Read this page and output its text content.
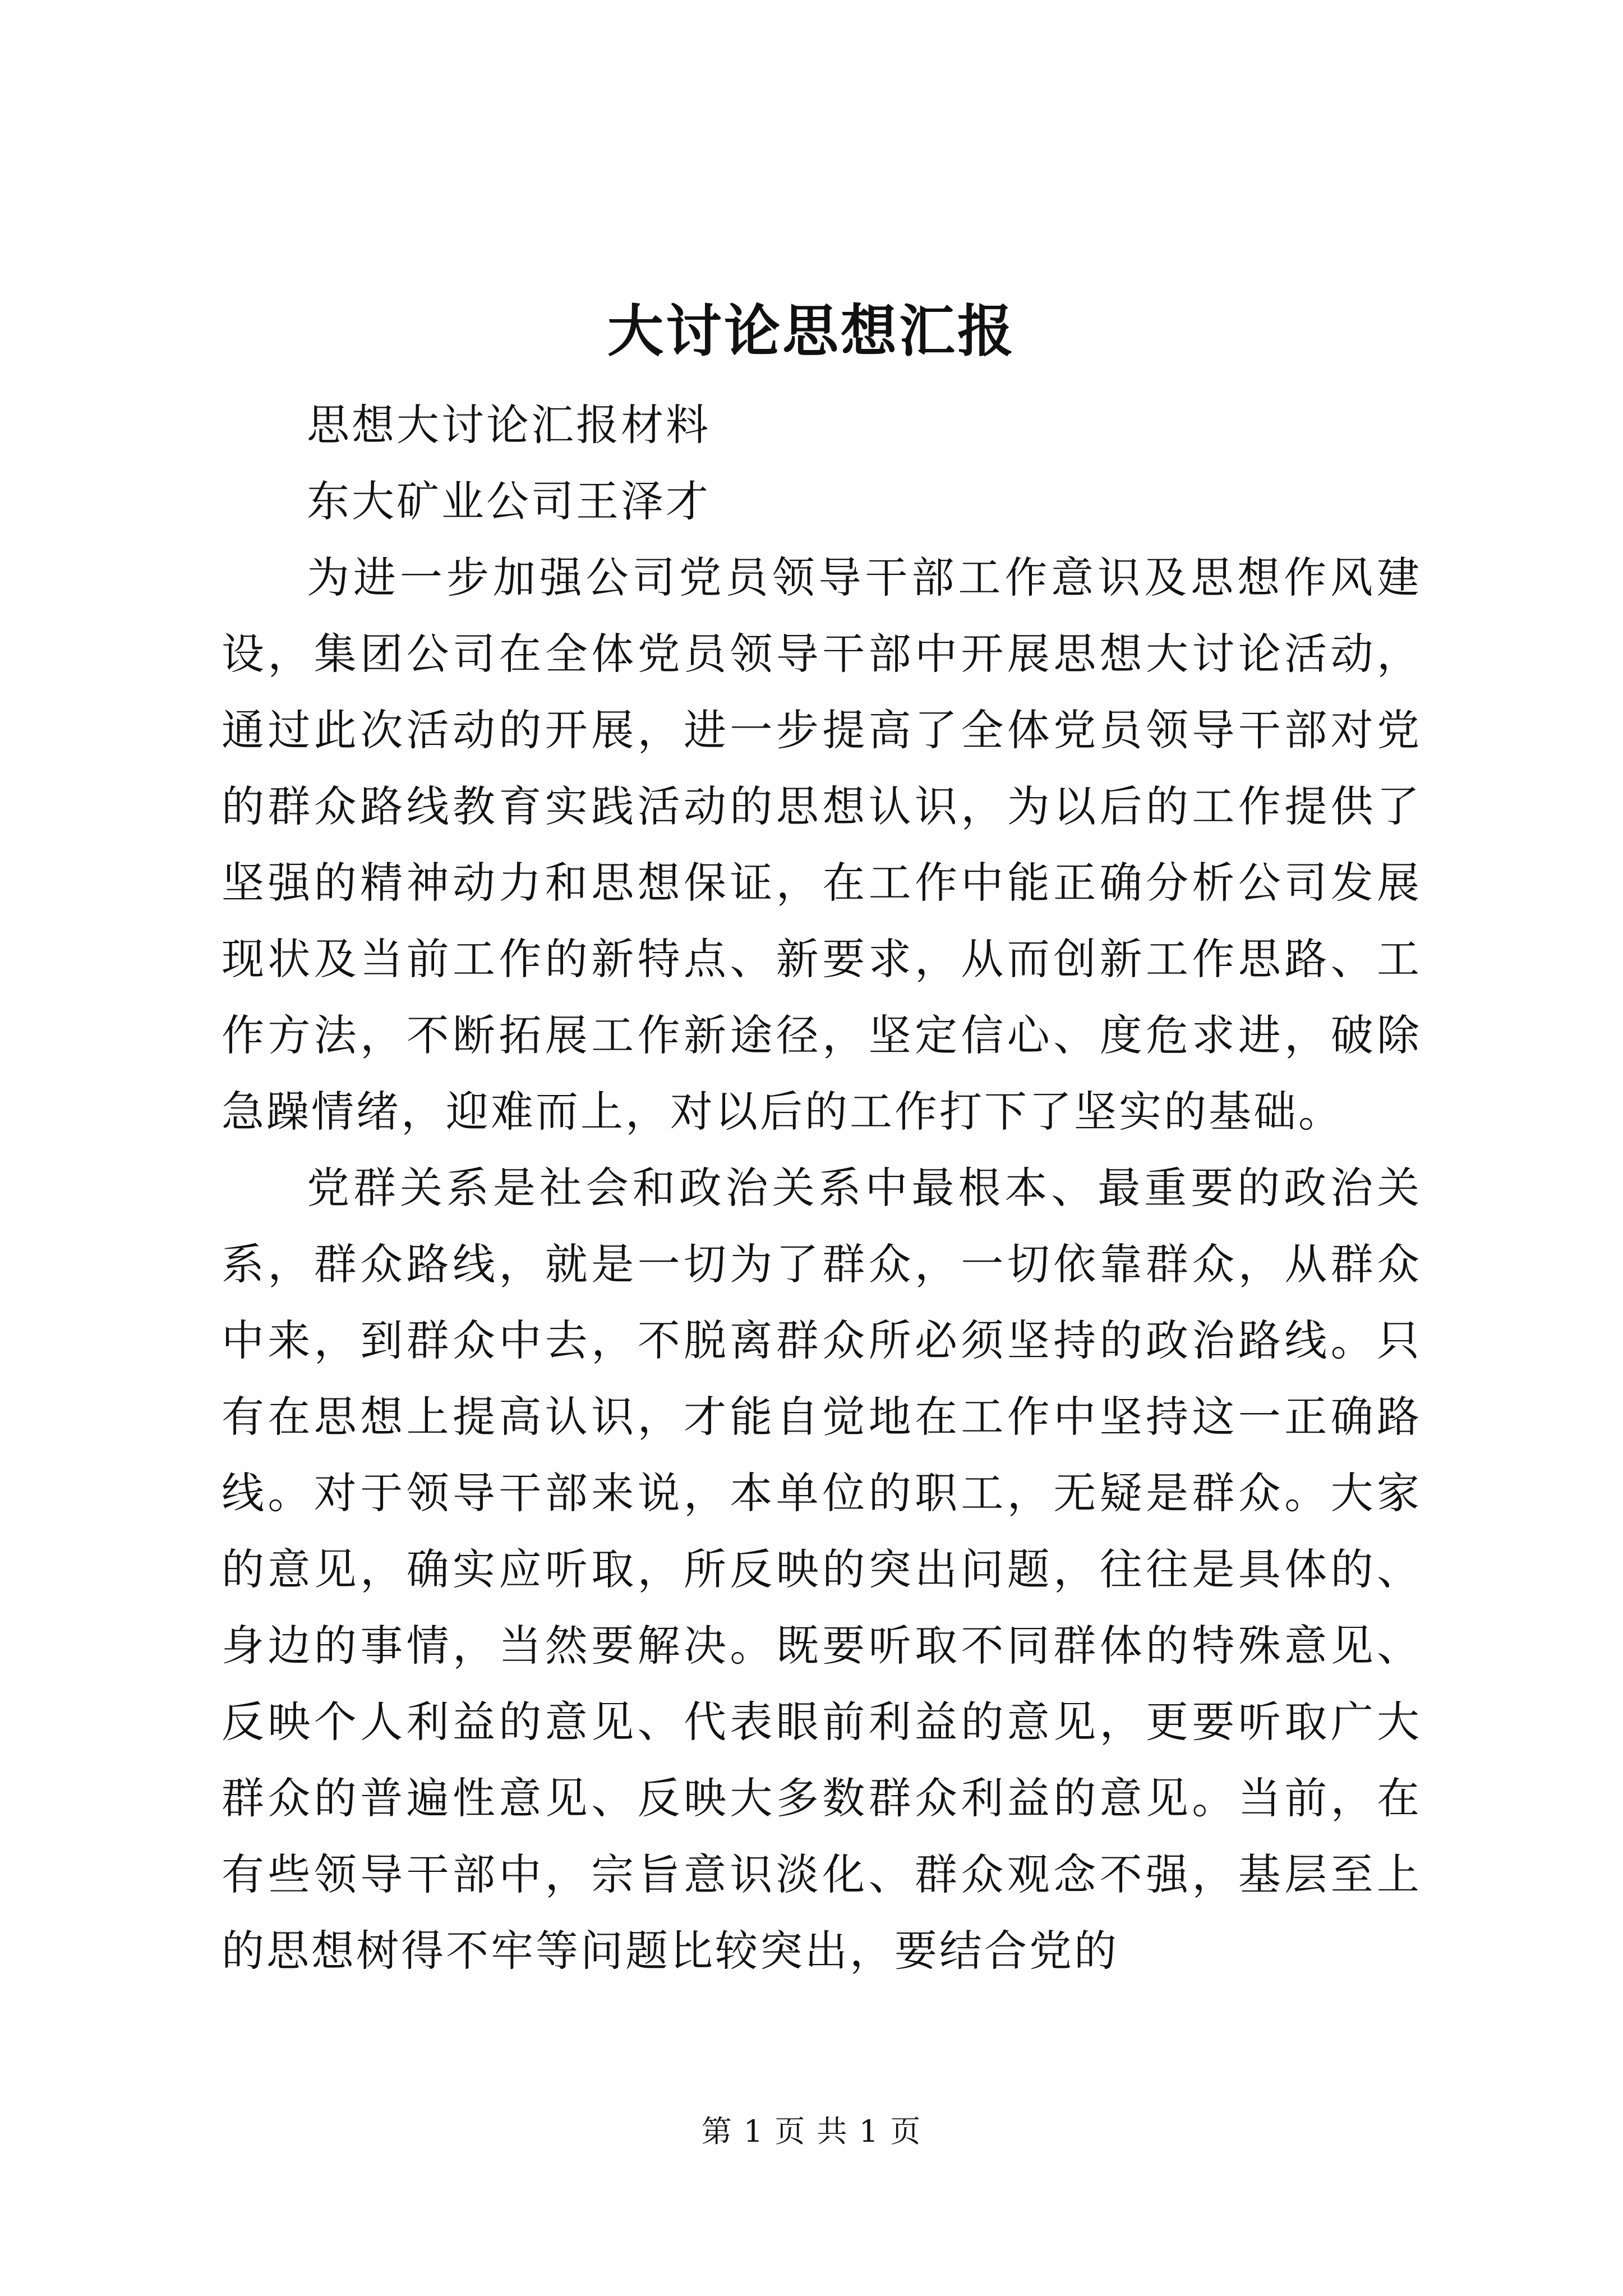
大讨论思想汇报

思想大讨论汇报材料

东大矿业公司王泽才

为进一步加强公司党员领导干部工作意识及思想作风建设，集团公司在全体党员领导干部中开展思想大讨论活动，通过此次活动的开展，进一步提高了全体党员领导干部对党的群众路线教育实践活动的思想认识，为以后的工作提供了坚强的精神动力和思想保证，在工作中能正确分析公司发展现状及当前工作的新特点、新要求，从而创新工作思路、工作方法，不断拓展工作新途径，坚定信心、度危求进，破除急躁情绪，迎难而上，对以后的工作打下了坚实的基础。

党群关系是社会和政治关系中最根本、最重要的政治关系，群众路线，就是一切为了群众，一切依靠群众，从群众中来，到群众中去，不脱离群众所必须坚持的政治路线。只有在思想上提高认识，才能自觉地在工作中坚持这一正确路线。对于领导干部来说，本单位的职工，无疑是群众。大家的意见，确实应听取，所反映的突出问题，往往是具体的、身边的事情，当然要解决。既要听取不同群体的特殊意见、反映个人利益的意见、代表眼前利益的意见，更要听取广大群众的普遍性意见、反映大多数群众利益的意见。当前，在有些领导干部中，宗旨意识淡化、群众观念不强，基层至上的思想树得不牢等问题比较突出，要结合党的

第 1 页 共 1 页
